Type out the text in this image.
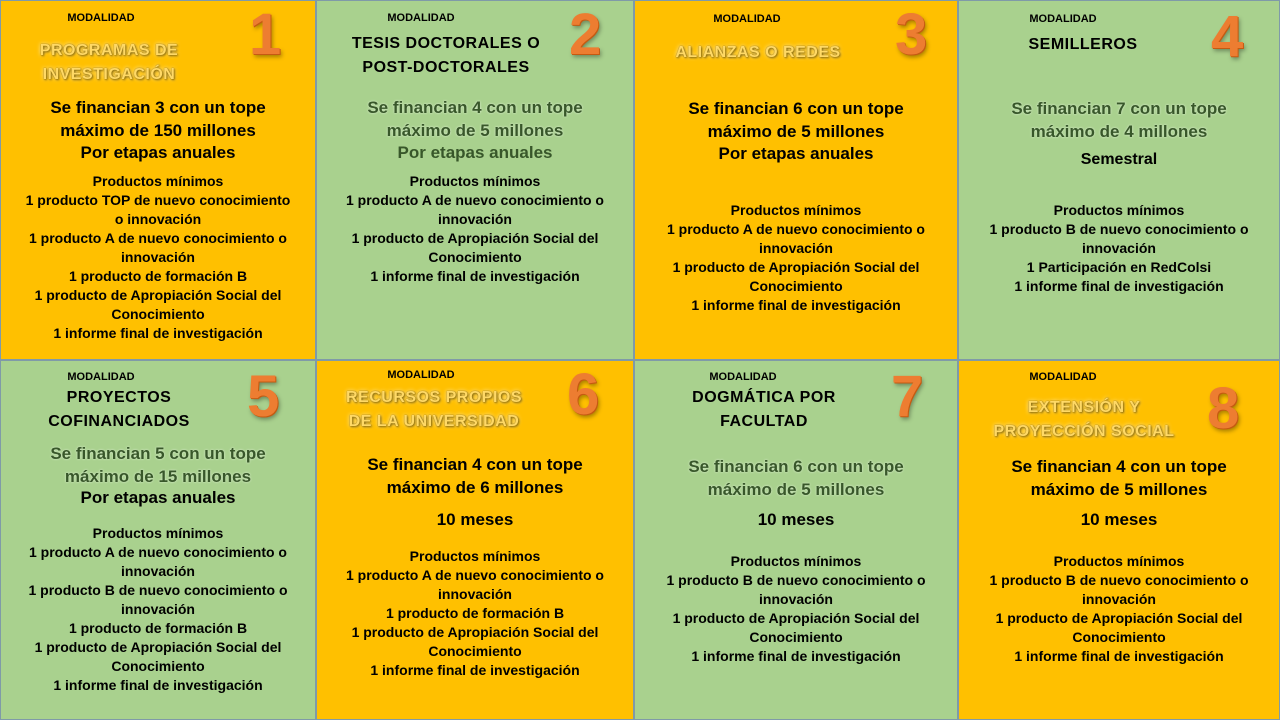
MODALIDAD	1
PROGRAMAS DE
INVESTIGACIÓN
Se financian 3 con un tope
máximo de 150 millones
Por etapas anuales
Productos mínimos
1 producto TOP de nuevo conocimiento
o innovación
1 producto A de nuevo conocimiento o
innovación
1 producto de formación B
1 producto de Apropiación Social del
Conocimiento
1 informe final de investigación
MODALIDAD	2
TESIS DOCTORALES O
POST-DOCTORALES
Se financian 4 con un tope
máximo de 5 millones
Por etapas anuales
Productos mínimos
1 producto A de nuevo conocimiento o
innovación
1 producto de Apropiación Social del
Conocimiento
1 informe final de investigación
MODALIDAD	3
ALIANZAS O REDES
Se financian 6 con un tope
máximo de 5 millones
Por etapas anuales
Productos mínimos
1 producto A de nuevo conocimiento o
innovación
1 producto de Apropiación Social del
Conocimiento
1 informe final de investigación
MODALIDAD	4
SEMILLEROS
Se financian 7 con un tope
máximo de 4 millones
Semestral
Productos mínimos
1 producto B de nuevo conocimiento o
innovación
1 Participación en RedColsi
1 informe final de investigación
MODALIDAD	5
PROYECTOS
COFINANCIADOS
Se financian 5 con un tope
máximo de 15 millones
Por etapas anuales
Productos mínimos
1 producto A de nuevo conocimiento o
innovación
1 producto B de nuevo conocimiento o
innovación
1 producto de formación B
1 producto de Apropiación Social del
Conocimiento
1 informe final de investigación
MODALIDAD	6
RECURSOS PROPIOS
DE LA UNIVERSIDAD
Se financian 4 con un tope
máximo de 6 millones
10 meses
Productos mínimos
1 producto A de nuevo conocimiento o
innovación
1 producto de formación B
1 producto de Apropiación Social del
Conocimiento
1 informe final de investigación
MODALIDAD	7
DOGMÁTICA POR
FACULTAD
Se financian 6 con un tope
máximo de 5 millones
10 meses
Productos mínimos
1 producto B de nuevo conocimiento o
innovación
1 producto de Apropiación Social del
Conocimiento
1 informe final de investigación
MODALIDAD	8
EXTENSIÓN Y
PROYECCIÓN SOCIAL
Se financian 4 con un tope
máximo de 5 millones
10 meses
Productos mínimos
1 producto B de nuevo conocimiento o
innovación
1 producto de Apropiación Social del
Conocimiento
1 informe final de investigación
